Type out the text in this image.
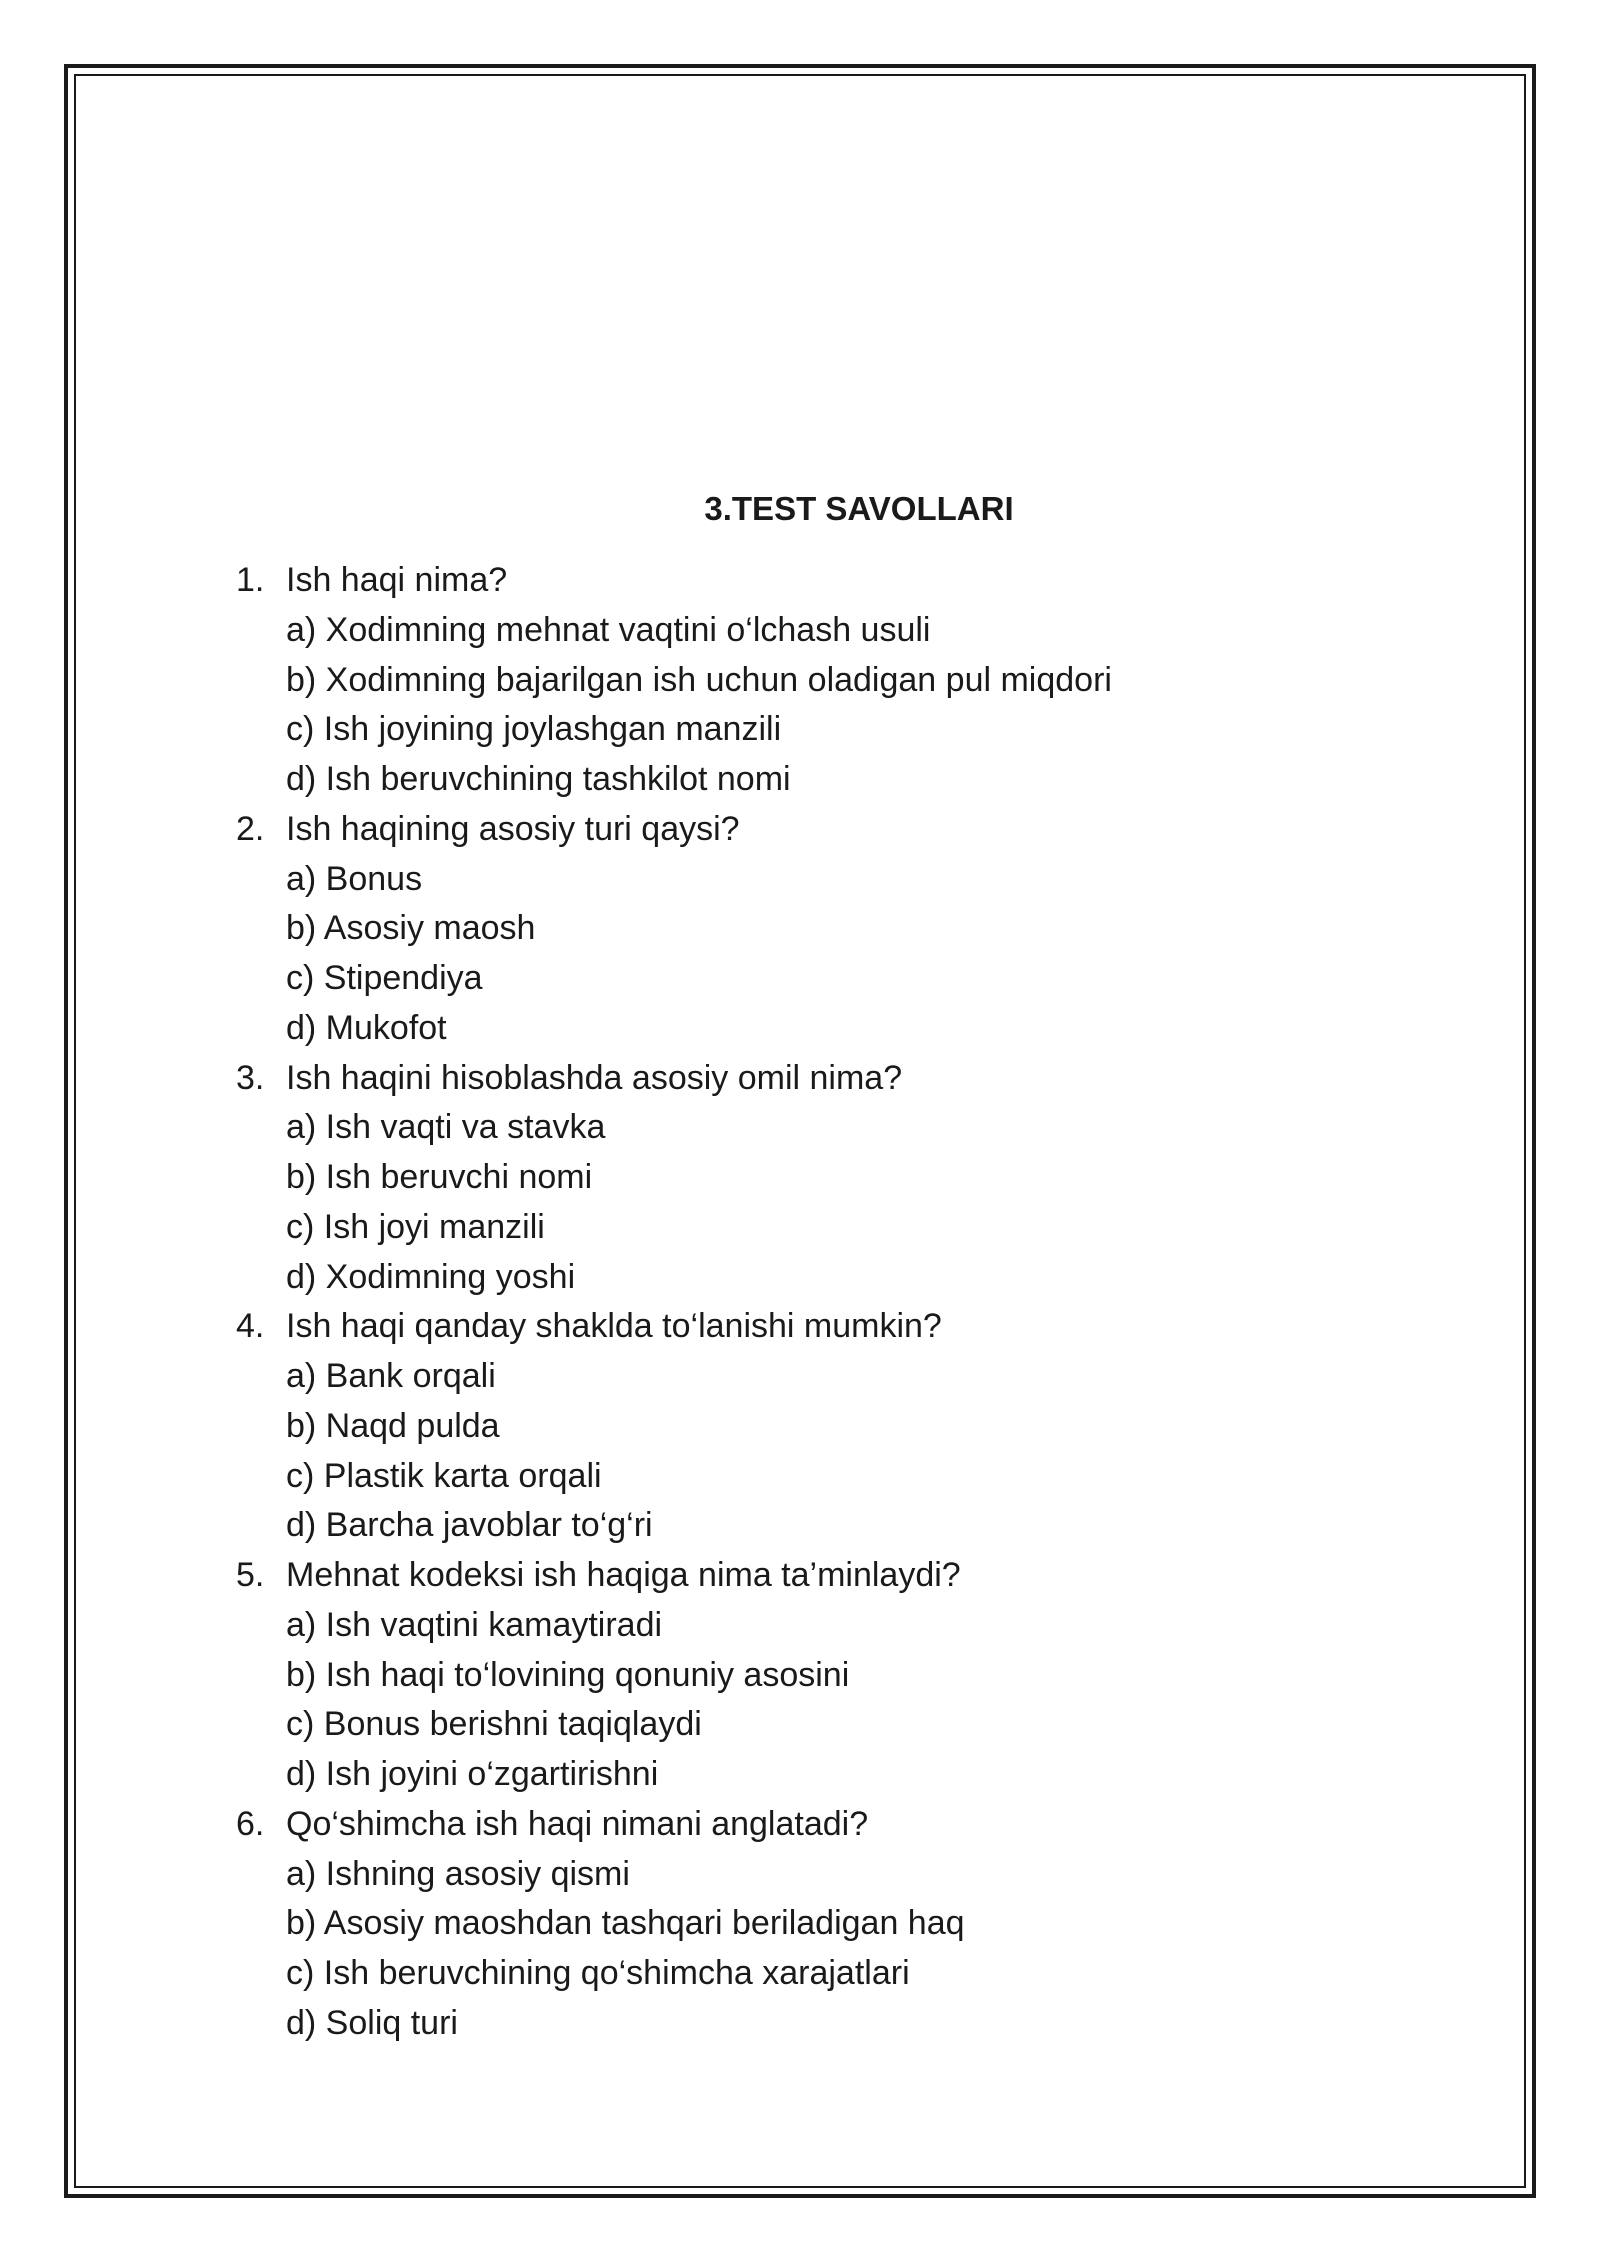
3.TEST SAVOLLARI
1. Ish haqi nima?
a) Xodimning mehnat vaqtini o‘lchash usuli
b) Xodimning bajarilgan ish uchun oladigan pul miqdori
c) Ish joyining joylashgan manzili
d) Ish beruvchining tashkilot nomi
2. Ish haqining asosiy turi qaysi?
a) Bonus
b) Asosiy maosh
c) Stipendiya
d) Mukofot
3. Ish haqini hisoblashda asosiy omil nima?
a) Ish vaqti va stavka
b) Ish beruvchi nomi
c) Ish joyi manzili
d) Xodimning yoshi
4. Ish haqi qanday shaklda to‘lanishi mumkin?
a) Bank orqali
b) Naqd pulda
c) Plastik karta orqali
d) Barcha javoblar to‘g‘ri
5. Mehnat kodeksi ish haqiga nima ta’minlaydi?
a) Ish vaqtini kamaytiradi
b) Ish haqi to‘lovining qonuniy asosini
c) Bonus berishni taqiqlaydi
d) Ish joyini o‘zgartirishni
6. Qo‘shimcha ish haqi nimani anglatadi?
a) Ishning asosiy qismi
b) Asosiy maoshdan tashqari beriladigan haq
c) Ish beruvchining qo‘shimcha xarajatlari
d) Soliq turi
